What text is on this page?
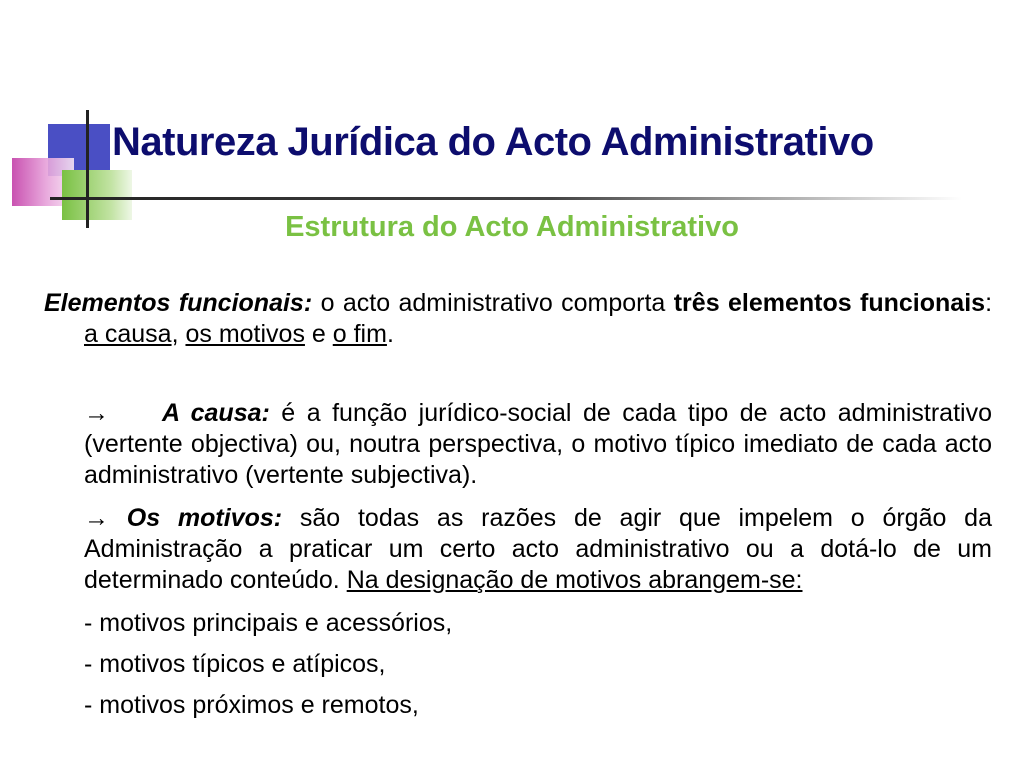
Natureza Jurídica do Acto Administrativo
Estrutura do Acto Administrativo

Elementos funcionais: o acto administrativo comporta três elementos funcionais: a causa, os motivos e o fim.

→ A causa: é a função jurídico-social de cada tipo de acto administrativo (vertente objectiva) ou, noutra perspectiva, o motivo típico imediato de cada acto administrativo (vertente subjectiva).

→ Os motivos: são todas as razões de agir que impelem o órgão da Administração a praticar um certo acto administrativo ou a dotá-lo de um determinado conteúdo. Na designação de motivos abrangem-se:

- motivos principais e acessórios,
- motivos típicos e atípicos,
- motivos próximos e remotos,
